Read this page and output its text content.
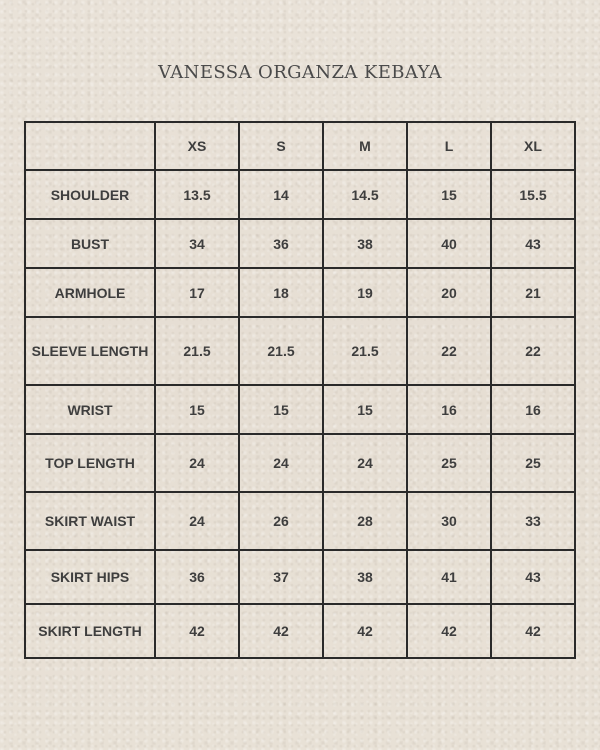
VANESSA ORGANZA KEBAYA
	XS	S	M	L	XL
SHOULDER	13.5	14	14.5	15	15.5
BUST	34	36	38	40	43
ARMHOLE	17	18	19	20	21
SLEEVE LENGTH	21.5	21.5	21.5	22	22
WRIST	15	15	15	16	16
TOP LENGTH	24	24	24	25	25
SKIRT WAIST	24	26	28	30	33
SKIRT HIPS	36	37	38	41	43
SKIRT LENGTH	42	42	42	42	42
